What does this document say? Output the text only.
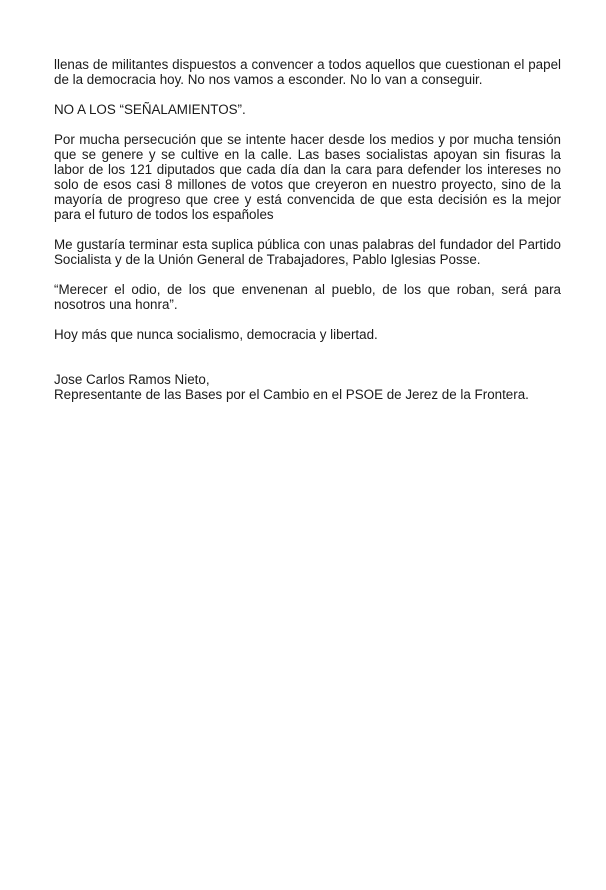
llenas de militantes dispuestos a convencer a todos aquellos que cuestionan el papel de la democracia hoy. No nos vamos a esconder. No lo van a conseguir.

NO A LOS “SEÑALAMIENTOS”.

Por mucha persecución que se intente hacer desde los medios y por mucha tensión que se genere y se cultive en la calle. Las bases socialistas apoyan sin fisuras la labor de los 121 diputados que cada día dan la cara para defender los intereses no solo de esos casi 8 millones de votos que creyeron en nuestro proyecto, sino de la mayoría de progreso que cree y está convencida de que esta decisión es la mejor para el futuro de todos los españoles

Me gustaría terminar esta suplica pública con unas palabras del fundador del Partido Socialista y de la Unión General de Trabajadores, Pablo Iglesias Posse.

“Merecer el odio, de los que envenenan al pueblo, de los que roban, será para nosotros una honra”.

Hoy más que nunca socialismo, democracia y libertad.

Jose Carlos Ramos Nieto,
Representante de las Bases por el Cambio en el PSOE de Jerez de la Frontera.
